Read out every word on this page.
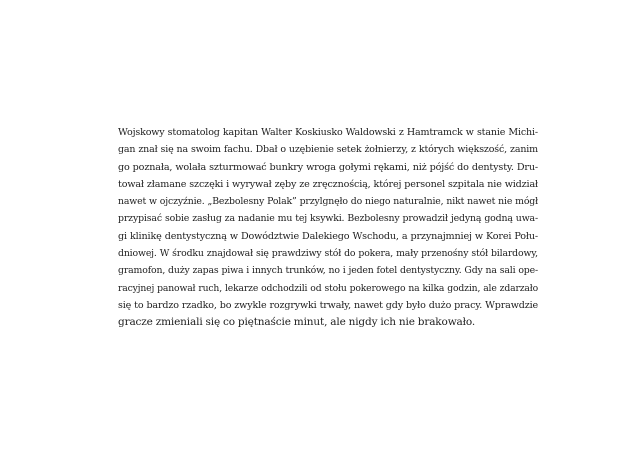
Wojskowy stomatolog kapitan Walter Koskiusko Waldowski z Hamtramck w stanie Michi-
gan znał się na swoim fachu. Dbał o uzębienie setek żołnierzy, z których większość, zanim
go poznała, wolała szturmować bunkry wroga gołymi rękami, niż pójść do dentysty. Dru-
tował złamane szczęki i wyrywał zęby ze zręcznością, której personel szpitala nie widział
nawet w ojczyźnie. „Bezbolesny Polak” przylgnęło do niego naturalnie, nikt nawet nie mógł
przypisać sobie zasług za nadanie mu tej ksywki. Bezbolesny prowadził jedyną godną uwa-
gi klinikę dentystyczną w Dowództwie Dalekiego Wschodu, a przynajmniej w Korei Połu-
dniowej. W środku znajdował się prawdziwy stół do pokera, mały przenośny stół bilardowy,
gramofon, duży zapas piwa i innych trunków, no i jeden fotel dentystyczny. Gdy na sali ope-
racyjnej panował ruch, lekarze odchodzili od stołu pokerowego na kilka godzin, ale zdarzało
się to bardzo rzadko, bo zwykle rozgrywki trwały, nawet gdy było dużo pracy. Wprawdzie
gracze zmieniali się co piętnaście minut, ale nigdy ich nie brakowało.
